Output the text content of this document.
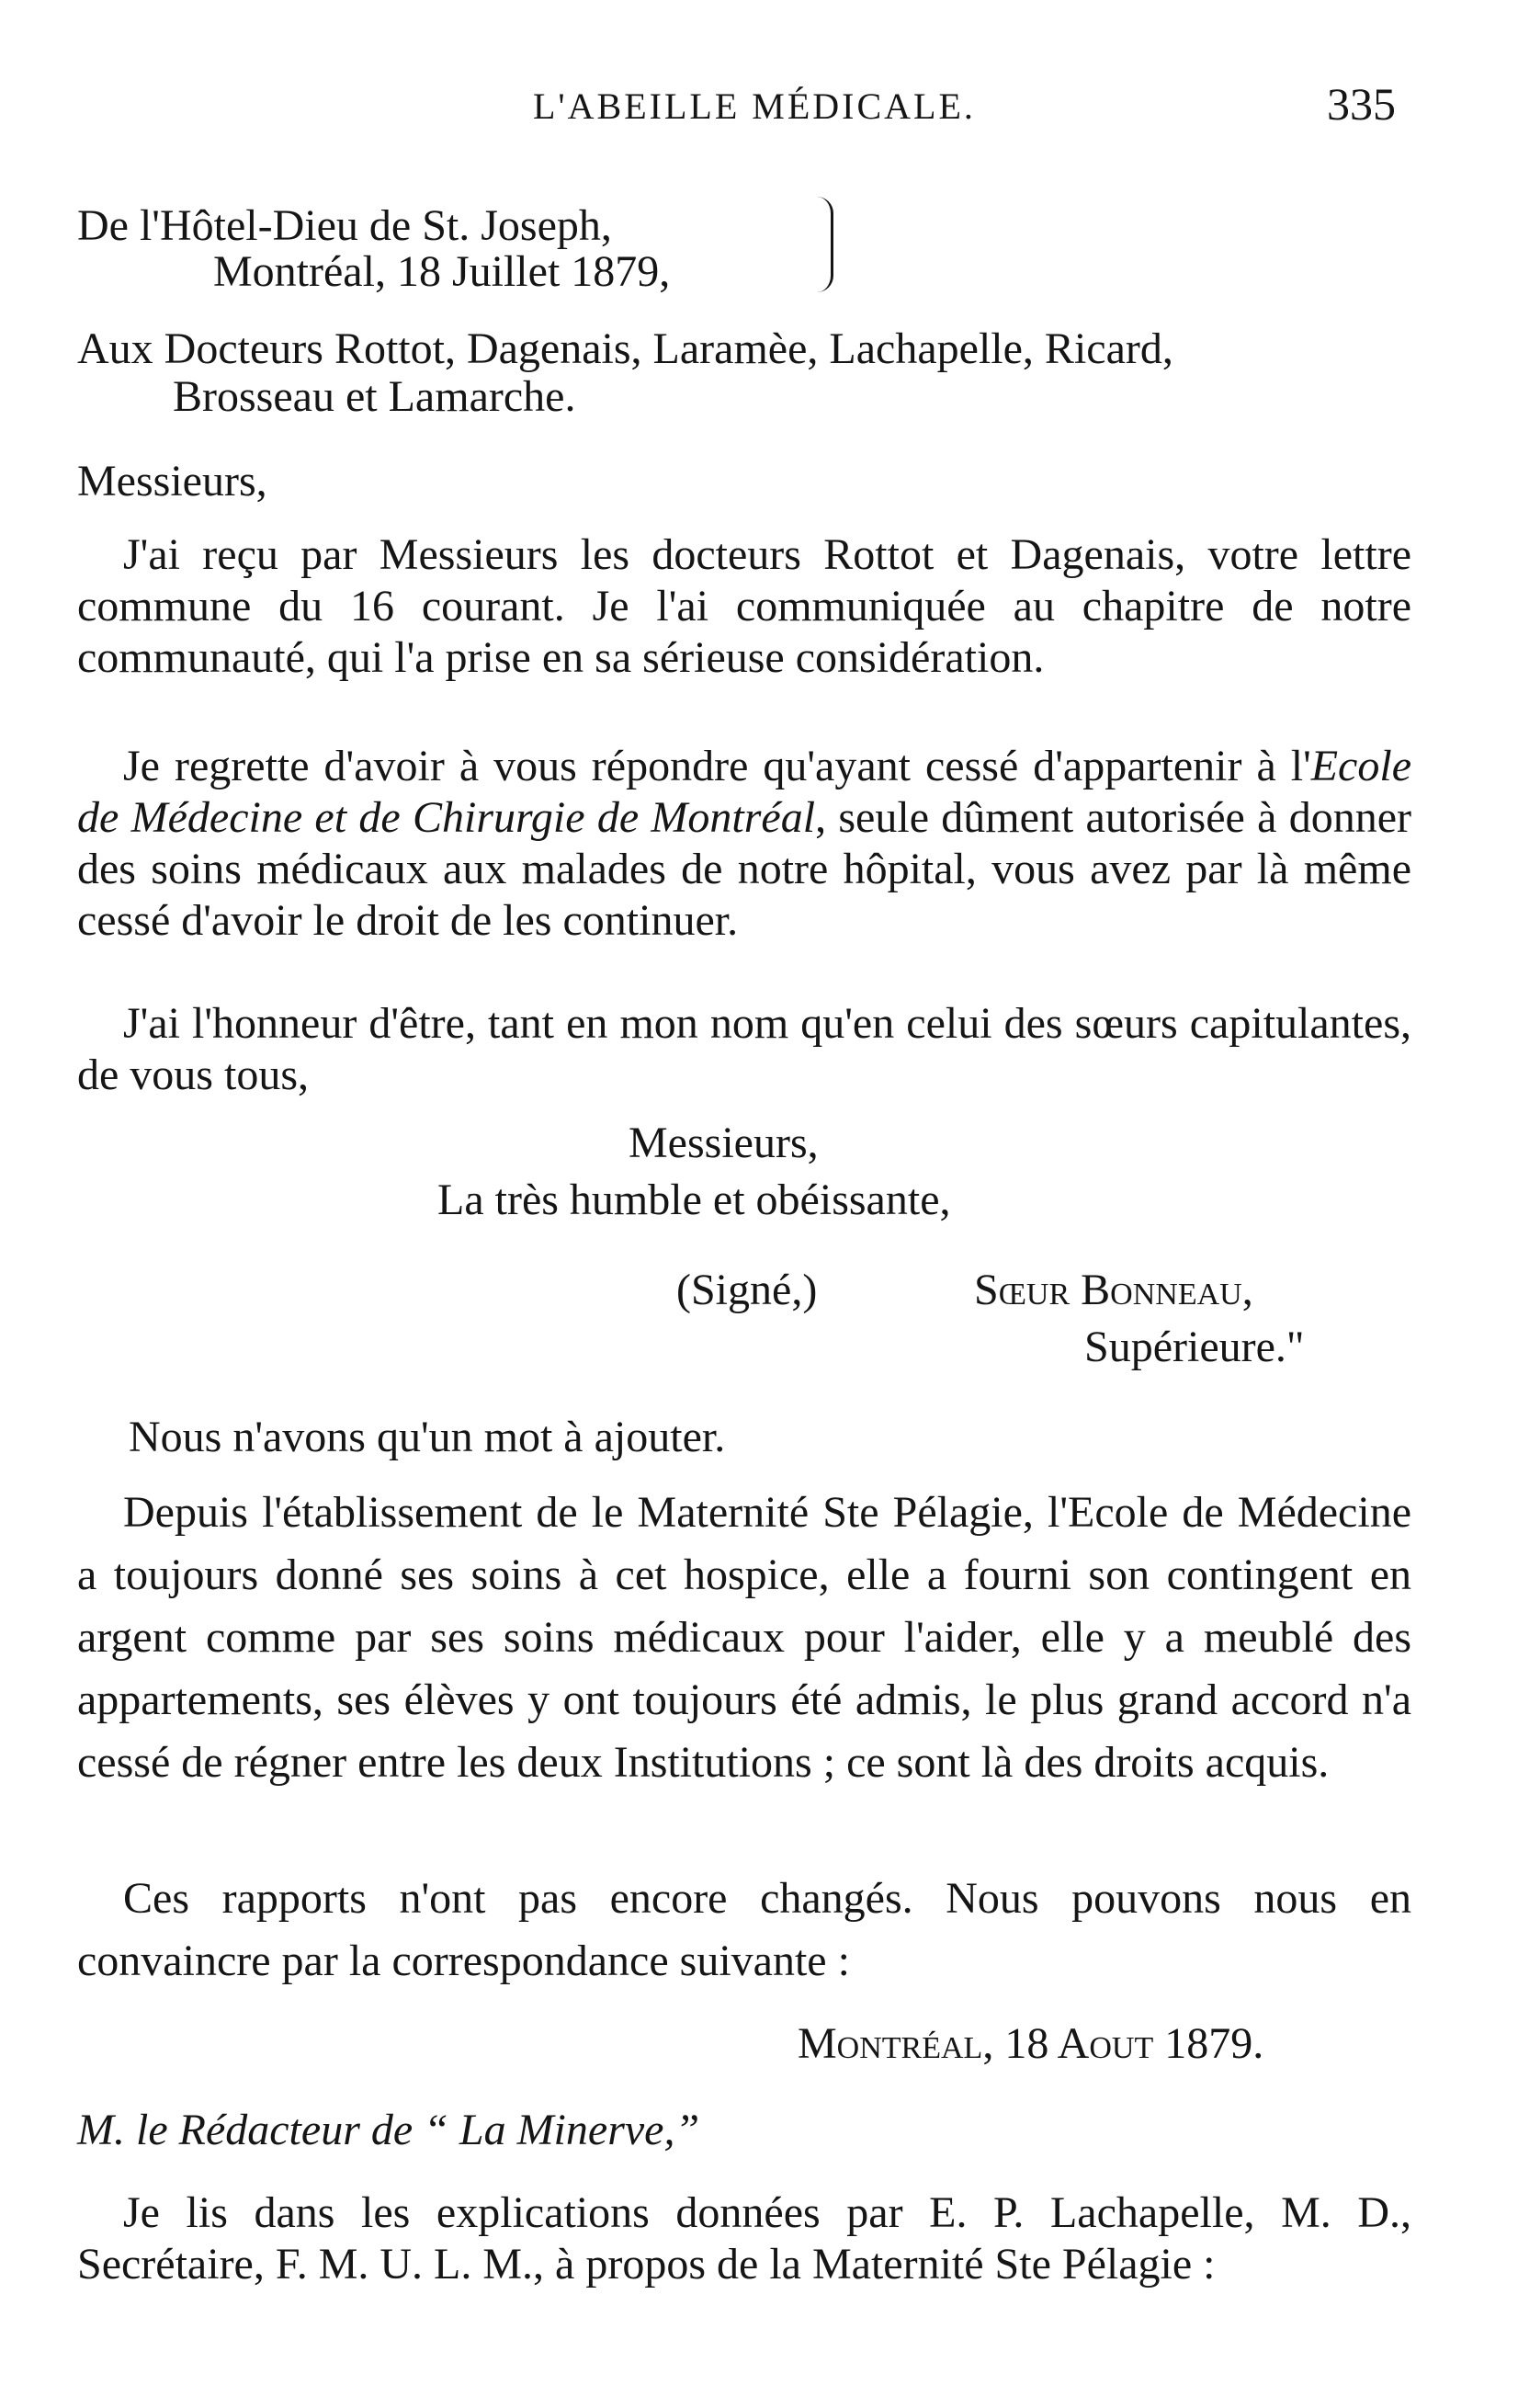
L'ABEILLE MÉDICALE.	335
De l'Hôtel-Dieu de St. Joseph,
Montréal, 18 Juillet 1879,
Aux Docteurs Rottot, Dagenais, Laramèe, Lachapelle, Ricard,
Brosseau et Lamarche.
Messieurs,
J'ai reçu par Messieurs les docteurs Rottot et Dagenais, votre lettre commune du 16 courant. Je l'ai communiquée au chapitre de notre communauté, qui l'a prise en sa sérieuse considération.
Je regrette d'avoir à vous répondre qu'ayant cessé d'appartenir à l'Ecole de Médecine et de Chirurgie de Montréal, seule dûment autorisée à donner des soins médicaux aux malades de notre hôpital, vous avez par là même cessé d'avoir le droit de les continuer.
J'ai l'honneur d'être, tant en mon nom qu'en celui des sœurs capitulantes, de vous tous,
Messieurs,
La très humble et obéissante,
(Signé,)	Sœur Bonneau,
Supérieure."
Nous n'avons qu'un mot à ajouter.
Depuis l'établissement de le Maternité Ste Pélagie, l'Ecole de Médecine a toujours donné ses soins à cet hospice, elle a fourni son contingent en argent comme par ses soins médicaux pour l'aider, elle y a meublé des appartements, ses élèves y ont toujours été admis, le plus grand accord n'a cessé de régner entre les deux Institutions ; ce sont là des droits acquis.
Ces rapports n'ont pas encore changés. Nous pouvons nous en convaincre par la correspondance suivante :
Montréal, 18 Aout 1879.
M. le Rédacteur de “ La Minerve,”
Je lis dans les explications données par E. P. Lachapelle, M. D., Secrétaire, F. M. U. L. M., à propos de la Maternité Ste Pélagie :
